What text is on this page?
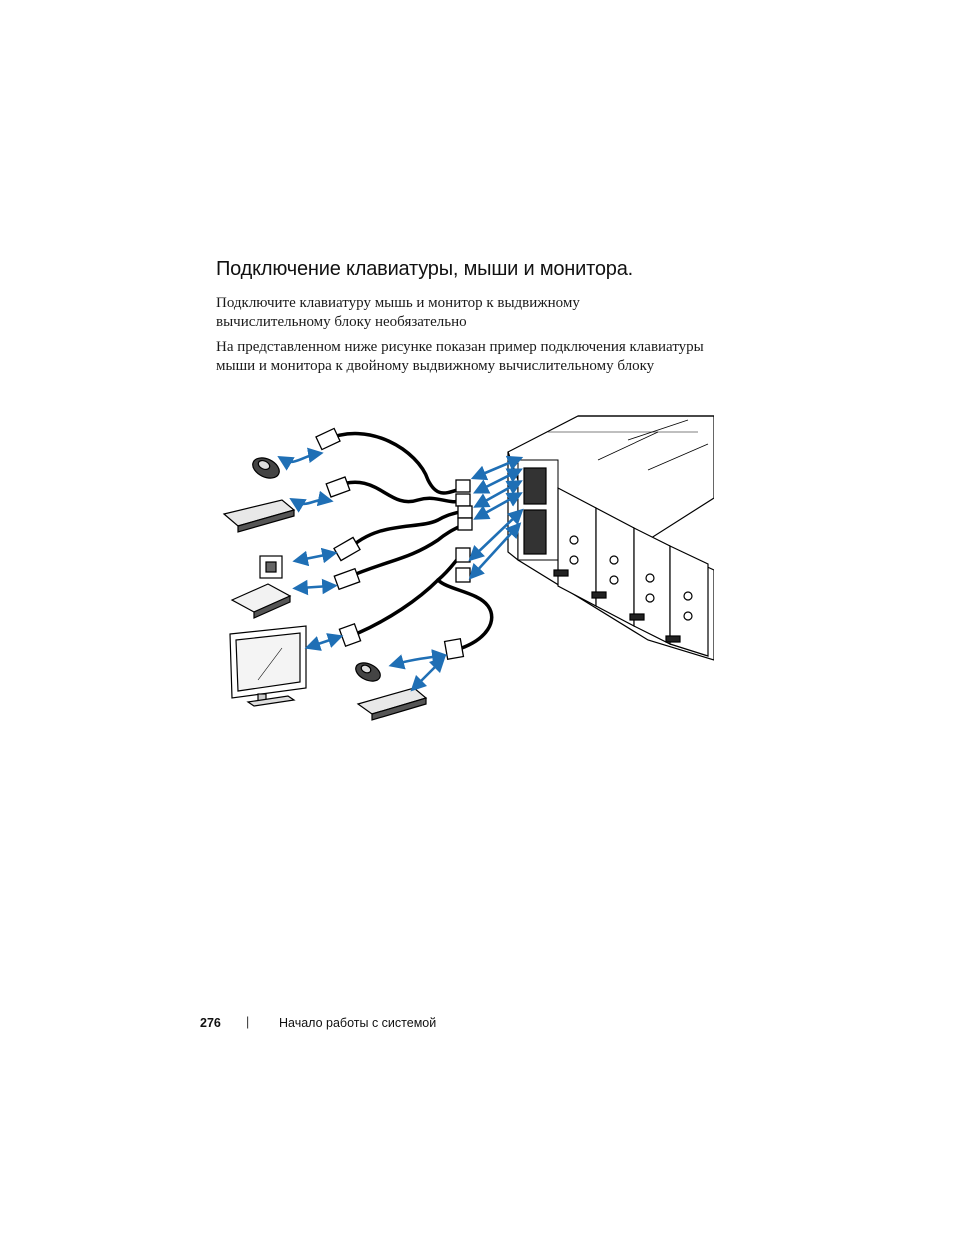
Подключение клавиатуры, мыши и монитора.

Подключите клавиатуру мышь и монитор к выдвижному вычислительному блоку необязательно

На представленном ниже рисунке показан пример подключения клавиатуры мыши и монитора к двойному выдвижному вычислительному блоку

276 | Начало работы с системой
